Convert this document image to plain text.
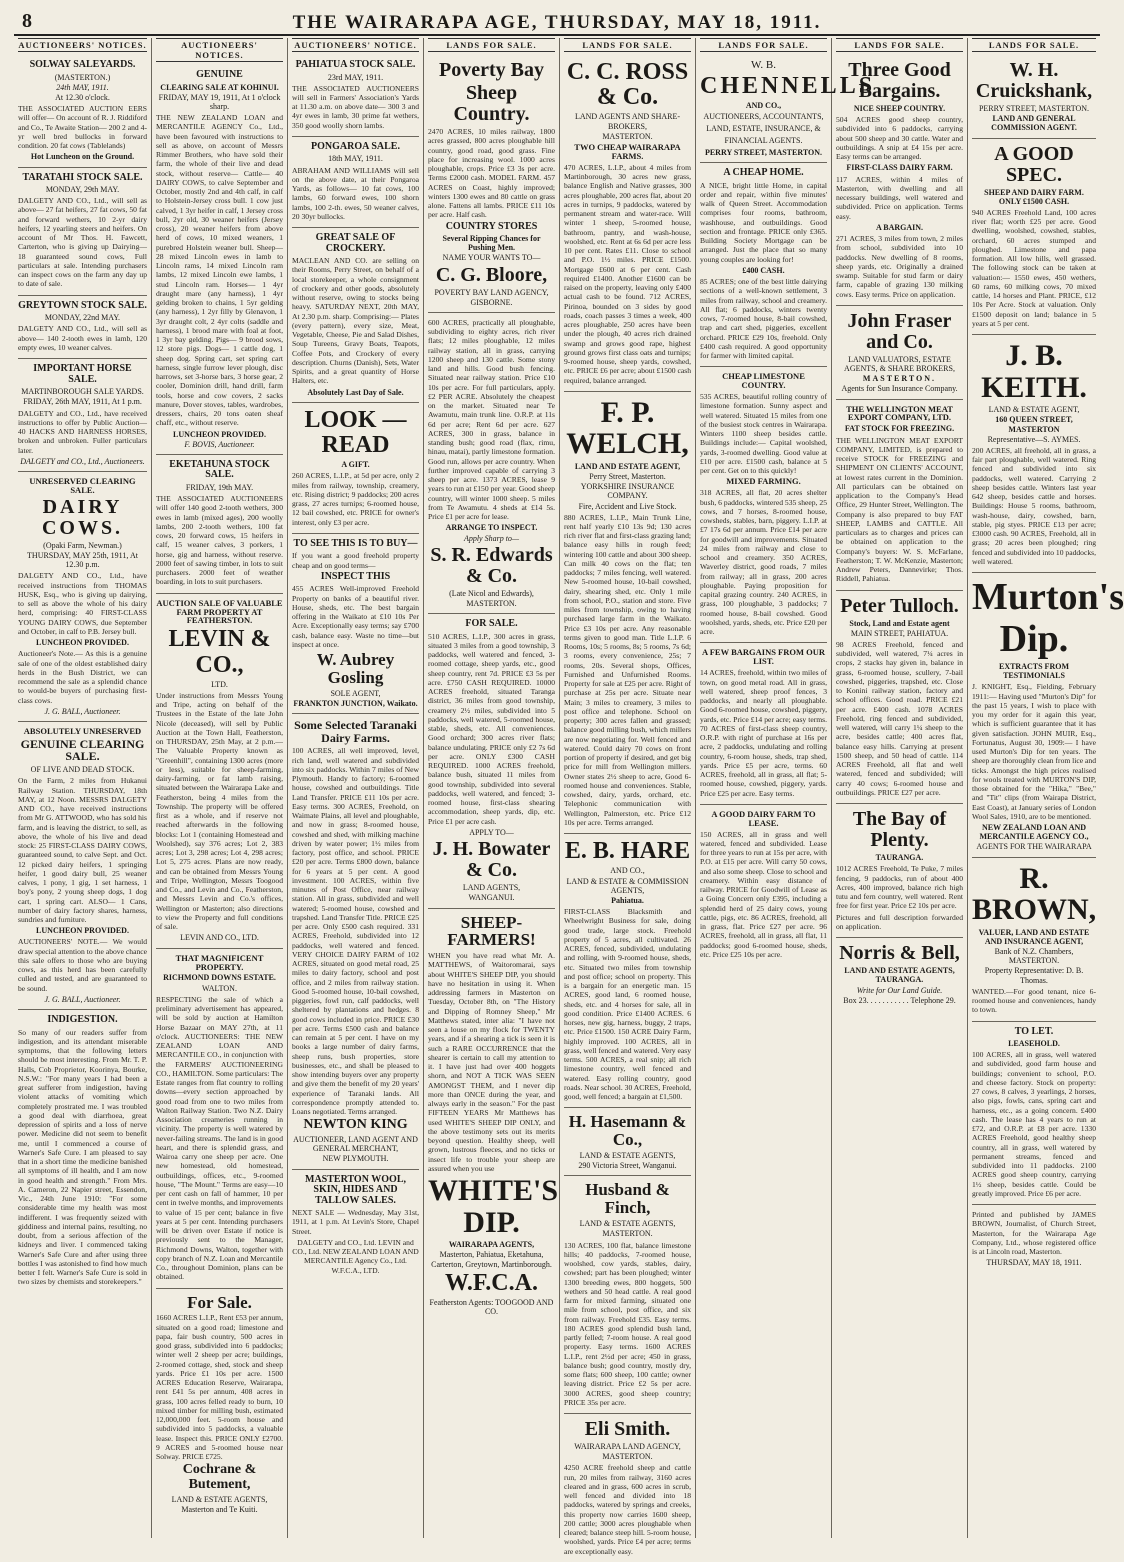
8	THE WAIRARAPA AGE, THURSDAY, MAY 18, 1911.
AUCTIONEERS' NOTICES.
SOLWAY SALEYARDS.
(MASTERTON.)
24th MAY, 1911.
At 12.30 o'clock.

THE ASSOCIATED AUCTION EERS will offer— On account of R. J. Riddiford and Co., Te Awaite Station— 200 2 and 4-yr well bred bullocks in forward condition. 20 fat cows (Tablelands)

Hot Luncheon on the Ground.
TARATAHI STOCK SALE.
MONDAY, 29th MAY.

DALGETY AND CO., Ltd., will sell as above— 27 fat heifers, 27 fat cows, 50 fat and forward wethers, 10 2-yr dairy heifers, 12 yearling steers and heifers. On account of Mr Thos. H. Fawcett, Carterton, who is giving up Dairying— 18 guaranteed sound cows, Full particulars at sale. Intending purchasers can inspect cows on the farm any day up to date of sale.

GREYTOWN STOCK SALE.
MONDAY, 22nd MAY.

DALGETY AND CO., Ltd., will sell as above— 140 2-tooth ewes in lamb, 120 empty ewes, 10 weaner calves.

IMPORTANT HORSE SALE.
MARTINBOROUGH SALE YARDS.
FRIDAY, 26th MAY, 1911, At 1 p.m.

DALGETY and CO., Ltd., have received instructions to offer by Public Auction— 40 HACKS AND HARNESS HORSES, broken and unbroken. Fuller particulars later.

DALGETY and CO., Ltd., Auctioneers.
UNRESERVED CLEARING SALE.
DAIRY COWS.
(Opaki Farm, Newman.)
THURSDAY, MAY 25th, 1911, At 12.30 p.m.

DALGETY AND CO., Ltd., have received instructions from THOMAS HUSK, Esq., who is giving up dairying, to sell as above the whole of his dairy herd, comprising: 40 FIRST-CLASS YOUNG DAIRY COWS, due September and October, in calf to P.B. Jersey bull.

LUNCHEON PROVIDED.

Auctioneer's Note.— As this is a genuine sale of one of the oldest established dairy herds in the Bush District, we can recommend the sale as a splendid chance to would-be buyers of purchasing first-class cows.

J. G. BALL, Auctioneer.
ABSOLUTELY UNRESERVED
GENUINE CLEARING SALE.
OF LIVE AND DEAD STOCK.

On the Farm, 2 miles from Hukanui Railway Station. THURSDAY, 18th MAY, at 12 Noon. MESSRS DALGETY AND CO., have received instructions from Mr G. ATTWOOD, who has sold his farm, and is leaving the district, to sell, as above, the whole of his live and dead stock: 25 FIRST-CLASS DAIRY COWS, guaranteed sound, to calve Sept. and Oct. 12 picked dairy heifers, 1 springing heifer, 1 good dairy bull, 25 weaner calves, 1 pony, 1 gig, 1 set harness, 1 boy's pony, 2 young sheep dogs, 1 dog cart, 1 spring cart. ALSO— 1 Cans, number of dairy factory shares, harness, sundries and furniture.

LUNCHEON PROVIDED.

AUCTIONEERS' NOTE.— We would draw special attention to the above chance this sale offers to those who are buying cows, as this herd has been carefully culled and tested, and are guaranteed to be sound.

J. G. BALL, Auctioneer.
INDIGESTION.

So many of our readers suffer from indigestion, and its attendant miserable symptoms, that the following letters should be most interesting. From Mr. T. P. Halls, Cob Proprietor, Koorinya, Bourke, N.S.W.: "For many years I had been a great sufferer from indigestion, having violent attacks of vomiting which completely prostrated me. I was troubled a good deal with diarrhoea, great depression of spirits and a loss of nerve power. Medicine did not seem to benefit me, until I commenced a course of Warner's Safe Cure. I am pleased to say that in a short time the medicine banished all symptoms of ill health, and I am now in good health and strength." From Mrs. A. Cameron, 22 Napier street, Essendon, Vic., 24th June 1910: "For some considerable time my health was most indifferent. I was frequently seized with giddiness and internal pains, resulting, no doubt, from a serious affection of the kidneys and liver. I commenced taking Warner's Safe Cure and after using three bottles I was astonished to find how much better I felt. Warner's Safe Cure is sold in two sizes by chemists and storekeepers."

AUCTIONEERS' NOTICES.
GENUINE
CLEARING SALE AT KOHINUI.
FRIDAY, MAY 19, 1911, At 1 o'clock sharp.

THE NEW ZEALAND LOAN and MERCANTILE AGENCY Co., Ltd., have been favoured with instructions to sell as above, on account of Messrs Rimmer Brothers, who have sold their farm, the whole of their live and dead stock, without reserve— Cattle— 40 DAIRY COWS, to calve September and October, mostly 2nd and 4th calf, in calf to Holstein-Jersey cross bull. 1 cow just calved, 1 3yr heifer in calf, 1 Jersey cross bull, 2yr old, 30 weaner heifers (Jersey cross), 20 weaner heifers from above herd of cows, 10 mixed weaners, 1 purebred Holstein weaner bull. Sheep— 28 mixed Lincoln ewes in lamb to Lincoln rams, 14 mixed Lincoln ram lambs, 12 mixed Lincoln ewe lambs, 1 stud Lincoln ram. Horses— 1 4yr draught mare (any harness), 1 4yr gelding broken to chains, 1 5yr gelding (any harness), 1 2yr filly by Glenavon, 1 3yr draught colt, 2 4yr colts (saddle and harness), 1 brood mare with foal at foot, 1 3yr bay gelding. Pigs— 9 brood sows, 12 store pigs. Dogs— 1 cattle dog, 1 sheep dog. Spring cart, set spring cart harness, single furrow lever plough, disc harrows, set 3-horse bars, 3 horse gear, 2 cooler, Dominion drill, hand drill, farm tools, horse and cow covers, 2 sacks manure, Dover stoves, tables, wardrobes, dressers, chairs, 20 tons oaten sheaf chaff, etc., without reserve.

LUNCHEON PROVIDED.
F. BOVIS, Auctioneer.
EKETAHUNA STOCK SALE.
FRIDAY, 19th MAY.

THE ASSOCIATED AUCTIONEERS will offer 140 good 2-tooth wethers, 300 ewes in lamb (mixed ages), 200 woolly lambs, 200 2-tooth wethers, 100 fat cows, 20 forward cows, 15 heifers in calf, 15 weaner calves, 3 porkers, 1 horse, gig and harness, without reserve. 2000 feet of sawing timber, in lots to suit purchasers. 2000 feet of weather boarding, in lots to suit purchasers.

AUCTION SALE OF VALUABLE FARM PROPERTY AT FEATHERSTON.
LEVIN & CO.,
LTD.

Under instructions from Messrs Young and Tripe, acting on behalf of the Trustees in the Estate of the late John Nicole (deceased), will sell by Public Auction at the Town Hall, Featherston, on THURSDAY, 25th May, at 2 p.m.— The Valuable Property known as "Greenhill", containing 1300 acres (more or less), suitable for sheep-farming, dairy-farming, or fat lamb raising, situated between the Wairarapa Lake and Featherston, being 4 miles from the Township. The property will be offered first as a whole, and if reserve not reached afterwards in the following blocks: Lot 1 (containing Homestead and Woolshed), say 376 acres; Lot 2, 383 acres; Lot 3, 298 acres; Lot 4, 298 acres; Lot 5, 275 acres. Plans are now ready, and can be obtained from Messrs Young and Tripe, Wellington, Messrs Toogood and Co., and Levin and Co., Featherston, and Messrs Levin and Co.'s offices, Wellington or Masterton; also directions to view the Property and full conditions of sale.

LEVIN AND CO., LTD.
THAT MAGNIFICENT PROPERTY.
RICHMOND DOWNS ESTATE.
WALTON.

RESPECTING the sale of which a preliminary advertisement has appeared, will be sold by auction at Hamilton Horse Bazaar on MAY 27th, at 11 o'clock. AUCTIONEERS: THE NEW ZEALAND LOAN AND MERCANTILE CO., in conjunction with the FARMERS' AUCTIONEERING CO., HAMILTON. Some particulars: The Estate ranges from flat country to rolling downs—every section approached by good road from one to two miles from Walton Railway Station. Two N.Z. Dairy Association creameries running in vicinity. The property is well watered by never-failing streams. The land is in good heart, and there is splendid grass, and Wairoa carry one sheep per acre. One new homestead, old homestead, outbuildings, offices, etc., 9-roomed house, "The Mount." Terms are easy—10 per cent cash on fall of hammer, 10 per cent in twelve months, and improvements to value of 15 per cent; balance in five years at 5 per cent. Intending purchasers will be driven over Estate if notice is previously sent to the Manager, Richmond Downs, Walton, together with copy branch of N.Z. Loan and Mercantile Co., throughout Dominion, plans can be obtained.

For Sale.

1660 ACRES L.I.P., Rent £53 per annum, situated on a good road; limestone and papa, fair bush country, 500 acres in good grass, subdivided into 6 paddocks; winter well 2 sheep per acre; buildings, 2-roomed cottage, shed, stock and sheep yards. Price £1 10s per acre. 1500 ACRES Education Reserve, Wairarapa, rent £41 5s per annum, 408 acres in grass, 100 acres felled ready to burn, 10 mixed timber for milling bush, estimated 12,000,000 feet. 5-room house and subdivided into 5 paddocks, a valuable lease. Inspect this. PRICE ONLY £2700. 9 ACRES and 5-roomed house near Solway. PRICE £725.

Cochrane & Butement,
LAND & ESTATE AGENTS,
Masterton and Te Kuiti.
AUCTIONEERS' NOTICE.
PAHIATUA STOCK SALE.
23rd MAY, 1911.

THE ASSOCIATED AUCTIONEERS will sell in Farmers' Association's Yards at 11.30 a.m. on above date— 300 3 and 4yr ewes in lamb, 30 prime fat wethers, 350 good woolly shorn lambs.

PONGAROA SALE.
18th MAY, 1911.

ABRAHAM AND WILLIAMS will sell on the above date, at their Pongaroa Yards, as follows— 10 fat cows, 100 lambs, 60 forward ewes, 100 shorn lambs, 100 2-th. ewes, 50 weaner calves, 20 30yr bullocks.

GREAT SALE OF CROCKERY.

MACLEAN AND CO. are selling on their Rooms, Perry Street, on behalf of a local storekeeper, a whole consignment of crockery and other goods, absolutely without reserve, owing to stocks being heavy. SATURDAY NEXT, 20th MAY, At 2.30 p.m. sharp. Comprising:— Plates (every pattern), every size, Meat, Vegetable, Cheese, Pie and Salad Dishes, Soup Tureens, Gravy Boats, Teapots, Coffee Pots, and Crockery of every description. Churns (Danish), Sets, Water Spirits, and a great quantity of Horse Halters, etc.

Absolutely Last Day of Sale.
LOOK — READ
A GIFT.

260 ACRES, L.I.P., at 5d per acre, only 2 miles from railway, township, creamery, etc. Rising district; 9 paddocks; 200 acres grass, 27 acres turnips; 6-roomed house, 12 bail cowshed, etc. PRICE for owner's interest, only £3 per acre.

TO SEE THIS IS TO BUY—

If you want a good freehold property cheap and on good terms—

INSPECT THIS

455 ACRES Well-improved Freehold Property on banks of a beautiful river. House, sheds, etc. The best bargain offering in the Waikato at £10 10s Per Acre. Exceptionally easy terms; say £700 cash, balance easy. Waste no time—but inspect at once.

W. Aubrey Gosling
SOLE AGENT,
FRANKTON JUNCTION, Waikato.
Some Selected Taranaki Dairy Farms.

100 ACRES, all well improved, level, rich land, well watered and subdivided into six paddocks. Within 7 miles of New Plymouth. Handy to factory; 6-roomed house, cowshed and outbuildings. Title Land Transfer. PRICE £11 10s per acre. Easy terms. 300 ACRES, Freehold, on Waimate Plains, all level and ploughable, and now in grass; 8-roomed house, cowshed and shed, with milking machine driven by water power; 1½ miles from factory, post office, and school. PRICE £20 per acre. Terms £800 down, balance for 6 years at 5 per cent. A good investment. 100 ACRES, within five minutes of Post Office, near railway station. All in grass, subdivided and well watered; 5-roomed house, cowshed and trapshed. Land Transfer Title. PRICE £25 per acre. Only £500 cash required. 331 ACRES, Freehold, subdivided into 12 paddocks, well watered and fenced. VERY CHOICE DAIRY FARM of 102 ACRES, situated on good metal road, 25 miles to dairy factory, school and post office, and 2 miles from railway station. Good 5-roomed house, 10-bail cowshed, piggeries, fowl run, calf paddocks, well sheltered by plantations and hedges. 8 good cows included in price. PRICE £30 per acre. Terms £500 cash and balance can remain at 5 per cent. I have on my books a large number of dairy farms, sheep runs, bush properties, store businesses, etc., and shall be pleased to show intending buyers over any property and give them the benefit of my 20 years' experience of Taranaki lands. All correspondence promptly attended to. Loans negotiated. Terms arranged.

NEWTON KING
AUCTIONEER, LAND AGENT AND GENERAL MERCHANT,
NEW PLYMOUTH.
MASTERTON WOOL, SKIN, HIDES AND TALLOW SALES.

NEXT SALE — Wednesday, May 31st, 1911, at 1 p.m. At Levin's Store, Chapel Street.

DALGETY and CO., Ltd. LEVIN and CO., Ltd. NEW ZEALAND LOAN AND MERCANTILE Agency Co., Ltd. W.F.C.A., LTD.

LANDS FOR SALE.
Poverty Bay
Sheep Country.

2470 ACRES, 10 miles railway, 1800 acres grassed, 800 acres ploughable hill country, good road, good grass. Fine place for increasing wool. 1000 acres ploughable, crops. Price £3 3s per acre. Terms £2000 cash. MODEL FARM. 457 ACRES on Coast, highly improved; winters 1300 ewes and 80 cattle on grass alone. Fattens all lambs. PRICE £11 10s per acre. Half cash.

COUNTRY STORES
Several Ripping Chances for Pushing Men.
NAME YOUR WANTS TO—
C. G. Bloore,
POVERTY BAY LAND AGENCY,
GISBORNE.

600 ACRES, practically all ploughable, subdividing to eighty acres, rich river flats; 12 miles ploughable, 12 miles railway station, all in grass, carrying 1200 sheep and 130 cattle. Some stony land and hills. Good bush fencing. Situated near railway station. Price £10 10s per acre. For full particulars, apply. £2 PER ACRE. Absolutely the cheapest on the market. Situated near Te Awamutu, main trunk line. O.R.P. at 11s 6d per acre; Rent 6d per acre. 627 ACRES, 300 in grass, balance in standing bush; good road (flax, rimu, hinau, matai), partly limestone formation. Good run, allows per acre country. When further improved capable of carrying 3 sheep per acre. 1373 ACRES, lease 9 years to run at £150 per year. Good sheep country, will winter 1000 sheep. 5 miles from Te Awamutu. 4 sheds at £14 5s. Price £1 per acre for lease.

ARRANGE TO INSPECT.
Apply Sharp to—
S. R. Edwards & Co.
(Late Nicol and Edwards),
MASTERTON.
FOR SALE.

510 ACRES, L.I.P., 300 acres in grass, situated 3 miles from a good township, 3 paddocks, well watered and fenced, 3-roomed cottage, sheep yards, etc., good sheep country, rent 7d. PRICE £3 5s per acre. £750 CASH REQUIRED. 10000 ACRES freehold, situated Taranga district, 36 miles from good township, creamery 2½ miles, subdivided into 5 paddocks, well watered, 5-roomed house, stable, sheds, etc. All conveniences. Good orchard; 300 acres river flats; balance undulating. PRICE only £2 7s 6d per acre. ONLY £300 CASH REQUIRED. 1000 ACRES freehold, balance bush, situated 11 miles from good township, subdivided into several paddocks, well watered, and fenced; 3-roomed house, first-class shearing accommodation, sheep yards, dip, etc. Price £1 per acre cash.

APPLY TO—
J. H. Bowater & Co.
LAND AGENTS,
WANGANUI.
SHEEP-FARMERS!

WHEN you have read what Mr. A. MATTHEWS, of Waitoromarai, says about WHITE'S SHEEP DIP, you should have no hesitation in using it. When addressing farmers in Masterton on Tuesday, October 8th, on "The History and Dipping of Romney Sheep," Mr Matthews stated, inter alia: "I have not seen a louse on my flock for TWENTY years, and if a shearing a tick is seen it is such a RARE OCCURRENCE that the shearer is certain to call my attention to it. I have just had over 400 hoggets shorn, and NOT A TICK WAS SEEN AMONGST THEM, and I never dip more than ONCE during the year, and always early in the season." For the past FIFTEEN YEARS Mr Matthews has used WHITE'S SHEEP DIP ONLY, and the above testimony sets out its merits beyond question. Healthy sheep, well grown, lustrous fleeces, and no ticks or insect life to trouble your sheep are assured when you use

WHITE'S DIP.
WAIRARAPA AGENTS,
Masterton, Pahiatua, Eketahuna, Carterton, Greytown, Martinborough.
W.F.C.A.
Featherston Agents: TOOGOOD AND CO.
LANDS FOR SALE.
C. C. ROSS & Co.
LAND AGENTS AND SHARE-BROKERS,
MASTERTON.
TWO CHEAP WAIRARAPA FARMS.

470 ACRES, L.I.P., about 4 miles from Martinborough, 30 acres new grass, balance English and Native grasses, 300 acres ploughable, 200 acres flat, about 20 acres in turnips, 9 paddocks, watered by permanent stream and water-race. Will winter 1 sheep, 5-roomed house, bathroom, pantry, and wash-house, woolshed, etc. Rent at 6s 6d per acre less 10 per cent. Rates £11. Close to school and P.O. 1½ miles. PRICE £1500. Mortgage £600 at 6 per cent. Cash required £1400. Another £1600 can be raised on the property, leaving only £400 actual cash to be found. 712 ACRES, Pirinoa, bounded on 3 sides by good roads, coach passes 3 times a week, 400 acres ploughable, 250 acres have been under the plough, 40 acres rich drained swamp and grows good rape, highest ground grows first class oats and turnips; 9-roomed house, sheep yards, cowshed, etc. PRICE £6 per acre; about £1500 cash required, balance arranged.

F. P. WELCH,
LAND AND ESTATE AGENT,
Perry Street, Masterton.
YORKSHIRE INSURANCE COMPANY.
Fire, Accident and Live Stock.

880 ACRES, L.I.P., Main Trunk Line, rent half yearly £10 13s 9d; 130 acres rich river flat and first-class grazing land; balance easy hills in rough feed; wintering 100 cattle and about 300 sheep. Can milk 40 cows on the flat; ten paddocks; 7 miles fencing, well watered. New 5-roomed house, 10-bail cowshed, dairy, shearing shed, etc. Only 1 mile from school, P.O., station and store. Five miles from township, owing to having purchased large farm in the Waikato. Price £3 10s per acre. Any reasonable terms given to good man. Title L.I.P. 6 Rooms, 10s; 5 rooms, 8s; 5 rooms, 7s 6d; 3 rooms, every convenience, 25s; 7 rooms, 20s. Several shops, Offices, Furnished and Unfurnished Rooms. Property for sale at £25 per acre. Right of purchase at 25s per acre. Situate near Main; 3 miles to creamery, 3 miles to post office and telephone. School on property; 300 acres fallen and grassed; balance good milling bush, which millers are now negotiating for. Well fenced and watered. Could dairy 70 cows on front portion of property if desired, and get big price for mill from Wellington millers. Owner states 2½ sheep to acre, Good 6-roomed house and conveniences. Stable, cowshed, dairy, yards, orchard, etc. Telephonic communication with Wellington, Palmerston, etc. Price £12 10s per acre. Terms arranged.

E. B. HARE
AND CO.,
LAND & ESTATE & COMMISSION AGENTS,
Pahiatua.

FIRST-CLASS Blacksmith and Wheelwright Business for sale, doing good trade, large stock. Freehold property of 5 acres, all cultivated. 26 ACRES, fenced, subdivided, undulating and rolling, with 9-roomed house, sheds, etc. Situated two miles from township and post office; school on property. This is a bargain for an energetic man. 15 ACRES, good land, 6 roomed house, sheds, etc. and 4 horses for sale, all in good condition. Price £1400 ACRES. 6 horses, new gig, harness, buggy, 2 traps, etc. Price £1500. 150 ACRE Dairy Farm, highly improved. 100 ACRES, all in grass, well fenced and watered. Very easy terms. 500 ACRES, a real snip; all rich limestone country, well fenced and watered. Easy rolling country, good roads. Near school. 30 ACRES, Freehold, good, well fenced; a bargain at £1,500.

H. Hasemann & Co.,
LAND & ESTATE AGENTS,
290 Victoria Street, Wanganui.
Husband & Finch,
LAND & ESTATE AGENTS,
MASTERTON.

130 ACRES, 100 flat, balance limestone hills; 40 paddocks, 7-roomed house, woolshed, cow yards, stables, dairy, cowshed; part has been ploughed; winter 1300 breeding ewes, 800 hoggets, 500 wethers and 50 head cattle. A real good farm for mixed farming, situated one mile from school, post office, and six from railway. Freehold £35. Easy terms. 180 ACRES good splendid bush land, partly felled; 7-room house. A real good property. Easy terms. 1600 ACRES L.I.P., rent 2½d per acre; 450 in grass, balance bush; good country, mostly dry, some flats; 600 sheep, 100 cattle; owner leaving district. Price £2 5s per acre. 3000 ACRES, good sheep country; PRICE 35s per acre.

Eli Smith.
WAIRARAPA LAND AGENCY,
MASTERTON.

4250 ACRE freehold sheep and cattle run, 20 miles from railway, 3160 acres cleared and in grass, 600 acres in scrub, well fenced and divided into 18 paddocks, watered by springs and creeks, this property now carries 1600 sheep, 200 cattle; 3000 acres ploughable when cleared; balance steep hill. 5-room house, woolshed, yards. Price £4 per acre; terms are exceptionally easy.

LANDS FOR SALE.
W. B.
CHENNELLS
AND CO.,
AUCTIONEERS, ACCOUNTANTS, LAND, ESTATE, INSURANCE, & FINANCIAL AGENTS.
PERRY STREET, MASTERTON.
A CHEAP HOME.

A NICE, bright little Home, in capital order and repair, within five minutes' walk of Queen Street. Accommodation comprises four rooms, bathroom, washhouse, and outbuildings. Good section and frontage. PRICE only £365. Building Society Mortgage can be arranged. Just the place that so many young couples are looking for!

£400 CASH.

85 ACRES; one of the best little dairying sections of a well-known settlement, 3 miles from railway, school and creamery. All flat; 6 paddocks, winters twenty cows, 7-roomed house, 8-bail cowshed, trap and cart shed, piggeries, excellent orchard. PRICE £29 10s, freehold. Only £400 cash required. A good opportunity for farmer with limited capital.

CHEAP LIMESTONE COUNTRY.

535 ACRES, beautiful rolling country of limestone formation. Sunny aspect and well watered. Situated 15 miles from one of the busiest stock centres in Wairarapa. Winters 1100 sheep besides cattle. Buildings include:— Capital woolshed, yards, 3-roomed dwelling. Good value at £10 per acre. £1500 cash, balance at 5 per cent. Get on to this quickly!

MIXED FARMING.

318 ACRES, all flat, 20 acres shelter bush, 6 paddocks, wintered 535 sheep, 25 cows, and 7 horses, 8-roomed house, cowsheds, stables, barn, piggery. L.I.P. at £7 17s 6d per annum. Price £14 per acre for goodwill and improvements. Situated 24 miles from railway and close to school and creamery. 350 ACRES, Waverley district, good roads, 7 miles from railway; all in grass, 200 acres ploughable. Paying proposition for capital grazing country. 240 ACRES, in grass, 100 ploughable, 3 paddocks; 7 roomed house, 8-bail cowshed. Good woolshed, yards, sheds, etc. Price £20 per acre.

A FEW BARGAINS FROM OUR LIST.

14 ACRES, freehold, within two miles of town, on good metal road. All in grass, well watered, sheep proof fences, 3 paddocks, and nearly all ploughable. Good 6-roomed house, cowshed, piggery, yards, etc. Price £14 per acre; easy terms. 70 ACRES of first-class sheep country, O.R.P. with right of purchase at 16s per acre, 2 paddocks, undulating and rolling country, 6-room house, sheds, trap shed, yards. Price £5 per acre, terms. 60 ACRES, freehold, all in grass, all flat; 5-roomed house, cowshed, piggery, yards. Price £25 per acre. Easy terms.

A GOOD DAIRY FARM TO LEASE.

150 ACRES, all in grass and well watered, fenced and subdivided. Lease for three years to run at 15s per acre, with P.O. at £15 per acre. Will carry 50 cows, and also some sheep. Close to school and creamery. Within easy distance of railway. PRICE for Goodwill of Lease as a Going Concern only £395, including a splendid herd of 25 dairy cows, young cattle, pigs, etc. 86 ACRES, freehold, all in grass, flat. Price £27 per acre. 96 ACRES, freehold, all in grass, all flat, 11 paddocks; good 6-roomed house, sheds, etc. Price £25 10s per acre.

LANDS FOR SALE.
Three Good Bargains.
NICE SHEEP COUNTRY.

504 ACRES good sheep country, subdivided into 6 paddocks, carrying about 500 sheep and 30 cattle. Water and outbuildings. A snip at £4 15s per acre. Easy terms can be arranged.

FIRST-CLASS DAIRY FARM.

117 ACRES, within 4 miles of Masterton, with dwelling and all necessary buildings, well watered and subdivided. Price on application. Terms easy.

A BARGAIN.

271 ACRES, 3 miles from town, 2 miles from school, subdivided into 10 paddocks. New dwelling of 8 rooms, sheep yards, etc. Originally a drained swamp. Suitable for stud farm or dairy farm, capable of grazing 130 milking cows. Easy terms. Price on application.

John Fraser and Co.
LAND VALUATORS, ESTATE AGENTS, & SHARE BROKERS,
MASTERTON.
Agents for Sun Insurance Company.
THE WELLINGTON MEAT EXPORT COMPANY, LTD.
FAT STOCK FOR FREEZING.

THE WELLINGTON MEAT EXPORT COMPANY, LIMITED, is prepared to receive STOCK for FREEZING and SHIPMENT ON CLIENTS' ACCOUNT, at lowest rates current in the Dominion. All particulars can be obtained on application to the Company's Head Office, 29 Hunter Street, Wellington. The Company is also prepared to buy FAT SHEEP, LAMBS and CATTLE. All particulars as to charges and prices can be obtained on application to the Company's buyers: W. S. McFarlane, Featherston; T. W. McKenzie, Masterton; Andrew Peters, Dannevirke; Thos. Riddell, Pahiatua.

Peter Tulloch.
Stock, Land and Estate agent
MAIN STREET, PAHIATUA.

98 ACRES Freehold, fenced and subdivided, well watered, 7¼ acres in crops, 2 stacks hay given in, balance in grass, 6-roomed house, scullery, 7-bail cowshed, piggeries, trapshed, etc. Close to Konini railway station, factory and school offices. Good road. PRICE £21 per acre. £400 cash. 1078 ACRES Freehold, ring fenced and subdivided, well watered, will carry 1¼ sheep to the acre, besides cattle; 400 acres flat, balance easy hills. Carrying at present 1500 sheep, and 50 head of cattle. 114 ACRES Freehold, all flat and well watered, fenced and subdivided; will carry 40 cows; 6-roomed house and outbuildings. PRICE £27 per acre.

The Bay of Plenty.
TAURANGA.

1012 ACRES Freehold, Te Puke, 7 miles fencing, 9 paddocks, run of about 400 Acres, 400 improved, balance rich high tutu and fern country, well watered. Rent free for first year. Price £2 10s per acre.

Pictures and full description forwarded on application.

Norris & Bell,
LAND AND ESTATE AGENTS, TAURANGA.
Write for Our Land Guide.
Box 23. . . . . . . . . . . Telephone 29.
LANDS FOR SALE.
W. H. Cruickshank,
PERRY STREET, MASTERTON.
LAND AND GENERAL COMMISSION AGENT.
A GOOD SPEC.
SHEEP AND DAIRY FARM. ONLY £1500 CASH.

940 ACRES Freehold Land, 100 acres river flat; worth £25 per acre. Good dwelling, woolshed, cowshed, stables, orchard, 60 acres stumped and ploughed. Limestone and papa formation. All low hills, well grassed. The following stock can be taken at valuation:— 1550 ewes, 450 wethers, 60 rams, 60 milking cows, 70 mixed cattle, 14 horses and Plant. PRICE, £12 10s Per Acre. Stock at valuation. Only £1500 deposit on land; balance in 5 years at 5 per cent.

J. B. KEITH.
LAND & ESTATE AGENT,
160 QUEEN STREET, MASTERTON
Representative—S. AYMES.

200 ACRES, all freehold, all in grass, a fair part ploughable, well watered. Ring fenced and subdivided into six paddocks, well watered. Carrying 2 sheep besides cattle. Winters last year 642 sheep, besides cattle and horses. Buildings: House 5 rooms, bathroom, wash-house, dairy, cowshed, barn, stable, pig styes. PRICE £13 per acre; £3000 cash. 90 ACRES, Freehold, all in grass; 20 acres been ploughed; ring fenced and subdivided into 10 paddocks, well watered.

Murton's
Dip.
EXTRACTS FROM TESTIMONIALS

J. KNIGHT, Esq., Fielding, February 1911:— Having used "Murton's Dip" for the past 15 years, I wish to place with you my order for it again this year, which is sufficient guarantee that it has given satisfaction. JOHN MUIR, Esq., Fortunatus, August 30, 1909:— I have used Murton's Dip for ten years. The sheep are thoroughly clean from lice and ticks. Amongst the high prices realised for wools treated with MURTON'S DIP, those obtained for the "Hika," "Bee," and "Tit" clips (from Wairapa District, East Coast), at January series of London Wool Sales, 1910, are to be mentioned.

NEW ZEALAND LOAN AND MERCANTILE AGENCY CO.,
AGENTS FOR THE WAIRARAPA
R. BROWN,
VALUER, LAND AND ESTATE AND INSURANCE AGENT,
Bank of N.Z. Chambers, MASTERTON.
Property Representative: D. B. Thomas.

WANTED.—For good tenant, nice 6-roomed house and conveniences, handy to town.

TO LET.
LEASEHOLD.

100 ACRES, all in grass, well watered and subdivided, good farm house and buildings; convenient to school, P.O. and cheese factory. Stock on property: 27 cows, 8 calves, 3 yearlings, 2 horses, also pigs, fowls, cans, spring cart and harness, etc., as a going concern. £400 cash. The lease has 4 years to run at £72, and O.R.P. at £8 per acre. 1330 ACRES Freehold, good healthy sheep country, all in grass, well watered by permanent streams, fenced and subdivided into 11 paddocks. 2100 ACRES good sheep country, carrying 1½ sheep, besides cattle. Could be greatly improved. Price £6 per acre.

Printed and published by JAMES BROWN, Journalist, of Church Street, Masterton, for the Wairarapa Age Company, Ltd., whose registered office is at Lincoln road, Masterton.

THURSDAY, MAY 18, 1911.
